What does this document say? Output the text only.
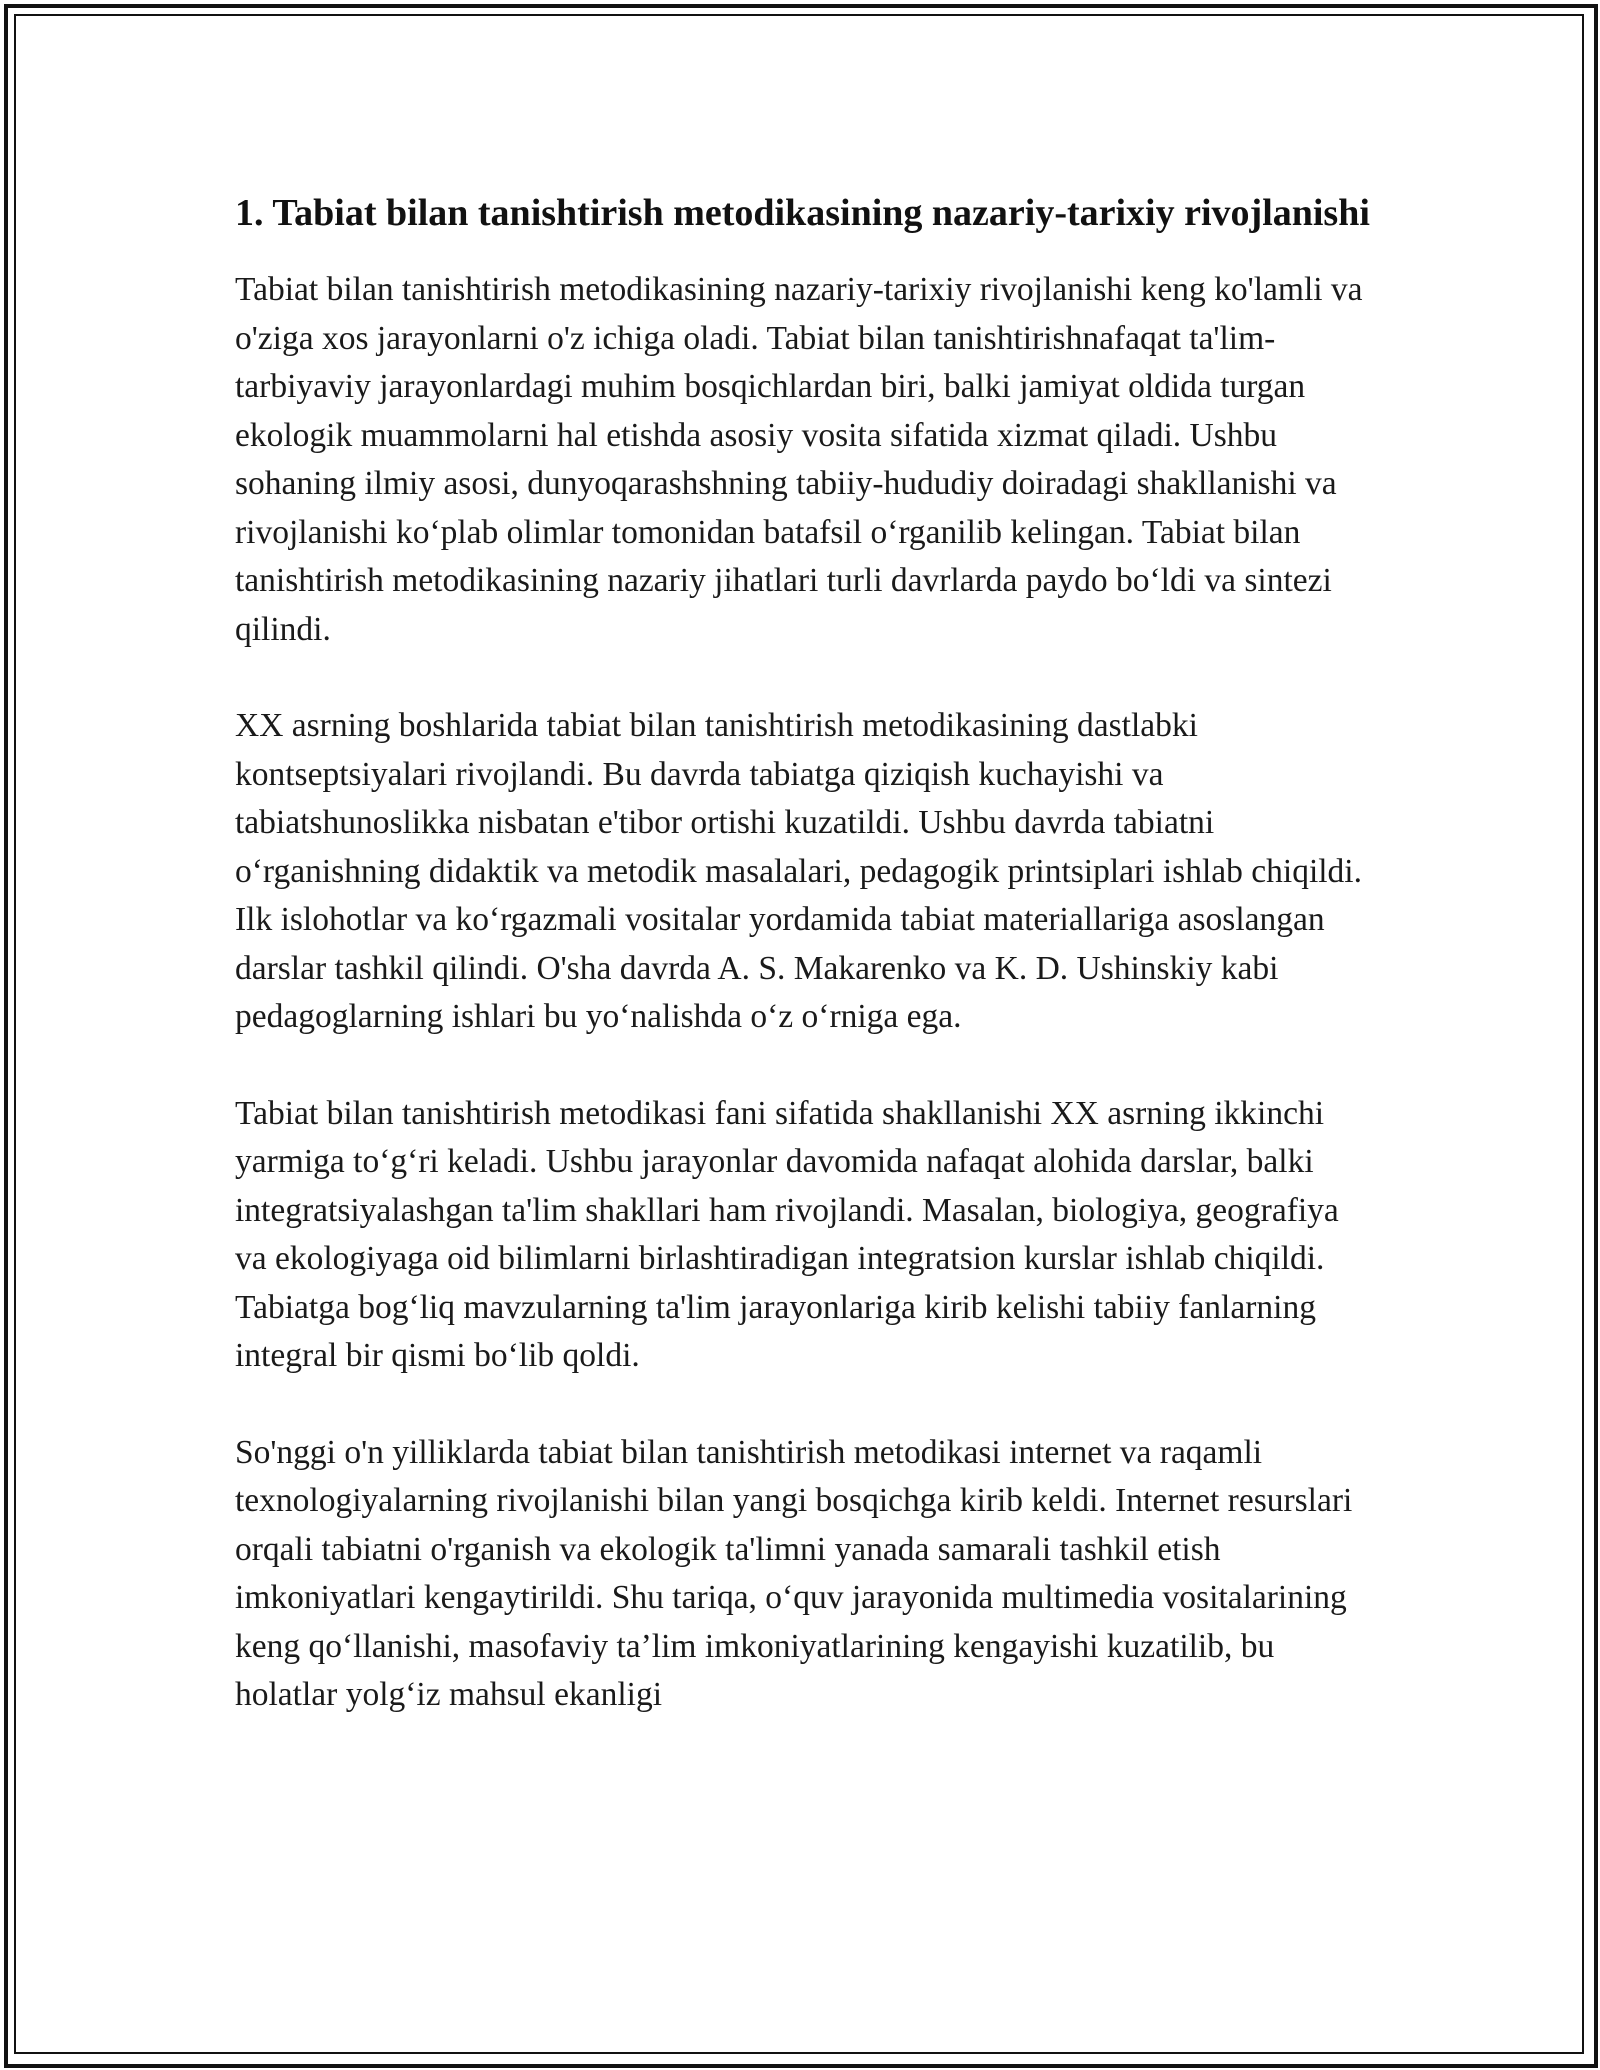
1. Tabiat bilan tanishtirish metodikasining nazariy-tarixiy rivojlanishi

Tabiat bilan tanishtirish metodikasining nazariy-tarixiy rivojlanishi keng ko'lamli va o'ziga xos jarayonlarni o'z ichiga oladi. Tabiat bilan tanishtirishnafaqat ta'lim-tarbiyaviy jarayonlardagi muhim bosqichlardan biri, balki jamiyat oldida turgan ekologik muammolarni hal etishda asosiy vosita sifatida xizmat qiladi. Ushbu sohaning ilmiy asosi, dunyoqarashshning tabiiy-hududiy doiradagi shakllanishi va rivojlanishi ko‘plab olimlar tomonidan batafsil o‘rganilib kelingan. Tabiat bilan tanishtirish metodikasining nazariy jihatlari turli davrlarda paydo bo‘ldi va sintezi qilindi.

XX asrning boshlarida tabiat bilan tanishtirish metodikasining dastlabki kontseptsiyalari rivojlandi. Bu davrda tabiatga qiziqish kuchayishi va tabiatshunoslikka nisbatan e'tibor ortishi kuzatildi. Ushbu davrda tabiatni o‘rganishning didaktik va metodik masalalari, pedagogik printsiplari ishlab chiqildi. Ilk islohotlar va ko‘rgazmali vositalar yordamida tabiat materiallariga asoslangan darslar tashkil qilindi. O'sha davrda A. S. Makarenko va K. D. Ushinskiy kabi pedagoglarning ishlari bu yo‘nalishda o‘z o‘rniga ega.

Tabiat bilan tanishtirish metodikasi fani sifatida shakllanishi XX asrning ikkinchi yarmiga to‘g‘ri keladi. Ushbu jarayonlar davomida nafaqat alohida darslar, balki integratsiyalashgan ta'lim shakllari ham rivojlandi. Masalan, biologiya, geografiya va ekologiyaga oid bilimlarni birlashtiradigan integratsion kurslar ishlab chiqildi. Tabiatga bog‘liq mavzularning ta'lim jarayonlariga kirib kelishi tabiiy fanlarning integral bir qismi bo‘lib qoldi.

So'nggi o'n yilliklarda tabiat bilan tanishtirish metodikasi internet va raqamli texnologiyalarning rivojlanishi bilan yangi bosqichga kirib keldi. Internet resurslari orqali tabiatni o'rganish va ekologik ta'limni yanada samarali tashkil etish imkoniyatlari kengaytirildi. Shu tariqa, o‘quv jarayonida multimedia vositalarining keng qo‘llanishi, masofaviy ta’lim imkoniyatlarining kengayishi kuzatilib, bu holatlar yolg‘iz mahsul ekanligi
